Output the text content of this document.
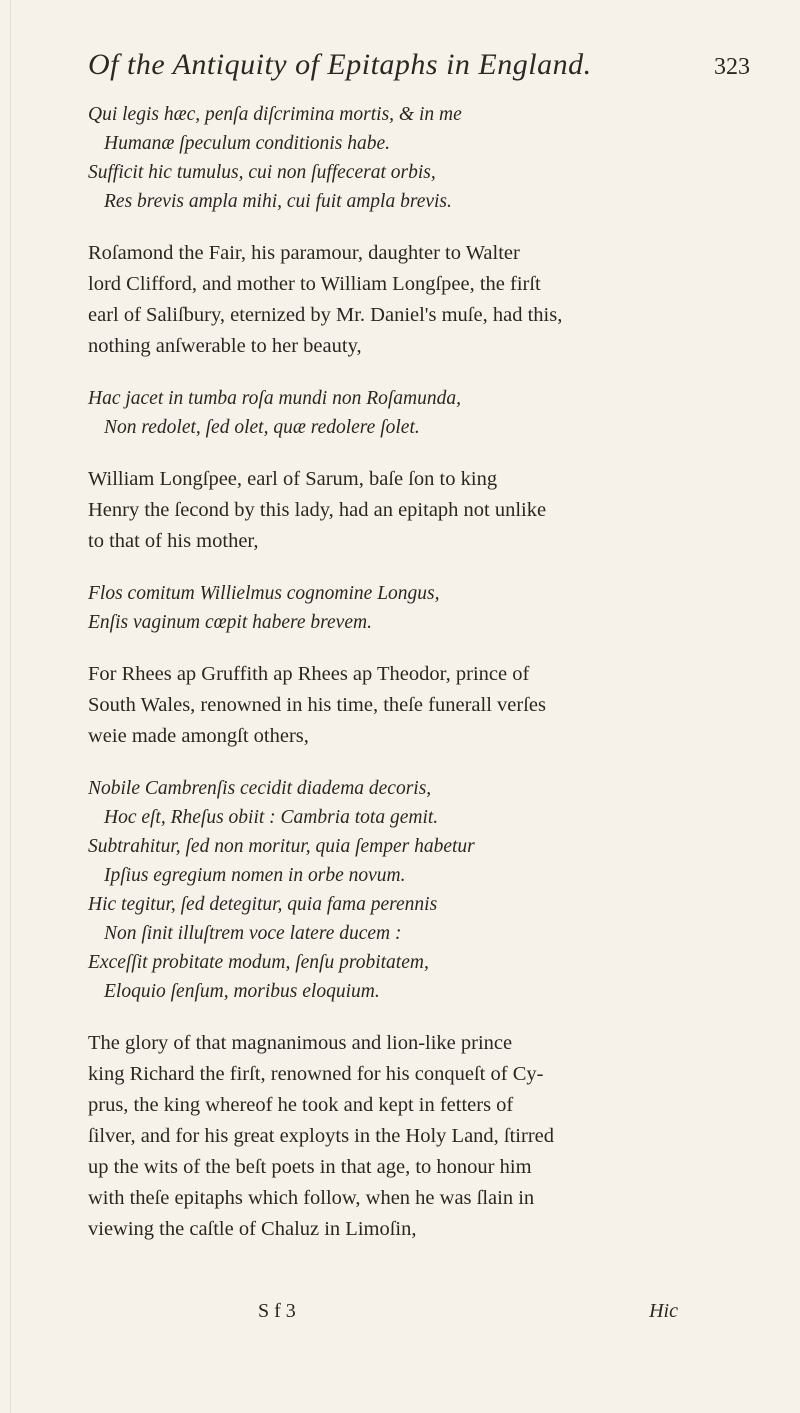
Of the Antiquity of Epitaphs in England.	323
Qui legis hæc, penſa diſcrimina mortis, & in me
Humanæ ſpeculum conditionis habe.
Sufficit hic tumulus, cui non ſuffecerat orbis,
Res brevis ampla mihi, cui fuit ampla brevis.
Roſamond the Fair, his paramour, daughter to Walter
lord Clifford, and mother to William Longſpee, the firſt
earl of Saliſbury, eternized by Mr. Daniel's muſe, had this,
nothing anſwerable to her beauty,
Hac jacet in tumba roſa mundi non Roſamunda,
Non redolet, ſed olet, quæ redolere ſolet.
William Longſpee, earl of Sarum, baſe ſon to king
Henry the ſecond by this lady, had an epitaph not unlike
to that of his mother,
Flos comitum Willielmus cognomine Longus,
Enſis vaginum cœpit habere brevem.
For Rhees ap Gruffith ap Rhees ap Theodor, prince of
South Wales, renowned in his time, theſe funerall verſes
weie made amongſt others,
Nobile Cambrenſis cecidit diadema decoris,
Hoc eſt, Rheſus obiit : Cambria tota gemit.
Subtrahitur, ſed non moritur, quia ſemper habetur
Ipſius egregium nomen in orbe novum.
Hic tegitur, ſed detegitur, quia fama perennis
Non ſinit illuſtrem voce latere ducem :
Exceſſit probitate modum, ſenſu probitatem,
Eloquio ſenſum, moribus eloquium.
The glory of that magnanimous and lion-like prince
king Richard the firſt, renowned for his conqueſt of Cy-
prus, the king whereof he took and kept in fetters of
ſilver, and for his great exployts in the Holy Land, ſtirred
up the wits of the beſt poets in that age, to honour him
with theſe epitaphs which follow, when he was ſlain in
viewing the caſtle of Chaluz in Limoſin,
S f 3	Hic
